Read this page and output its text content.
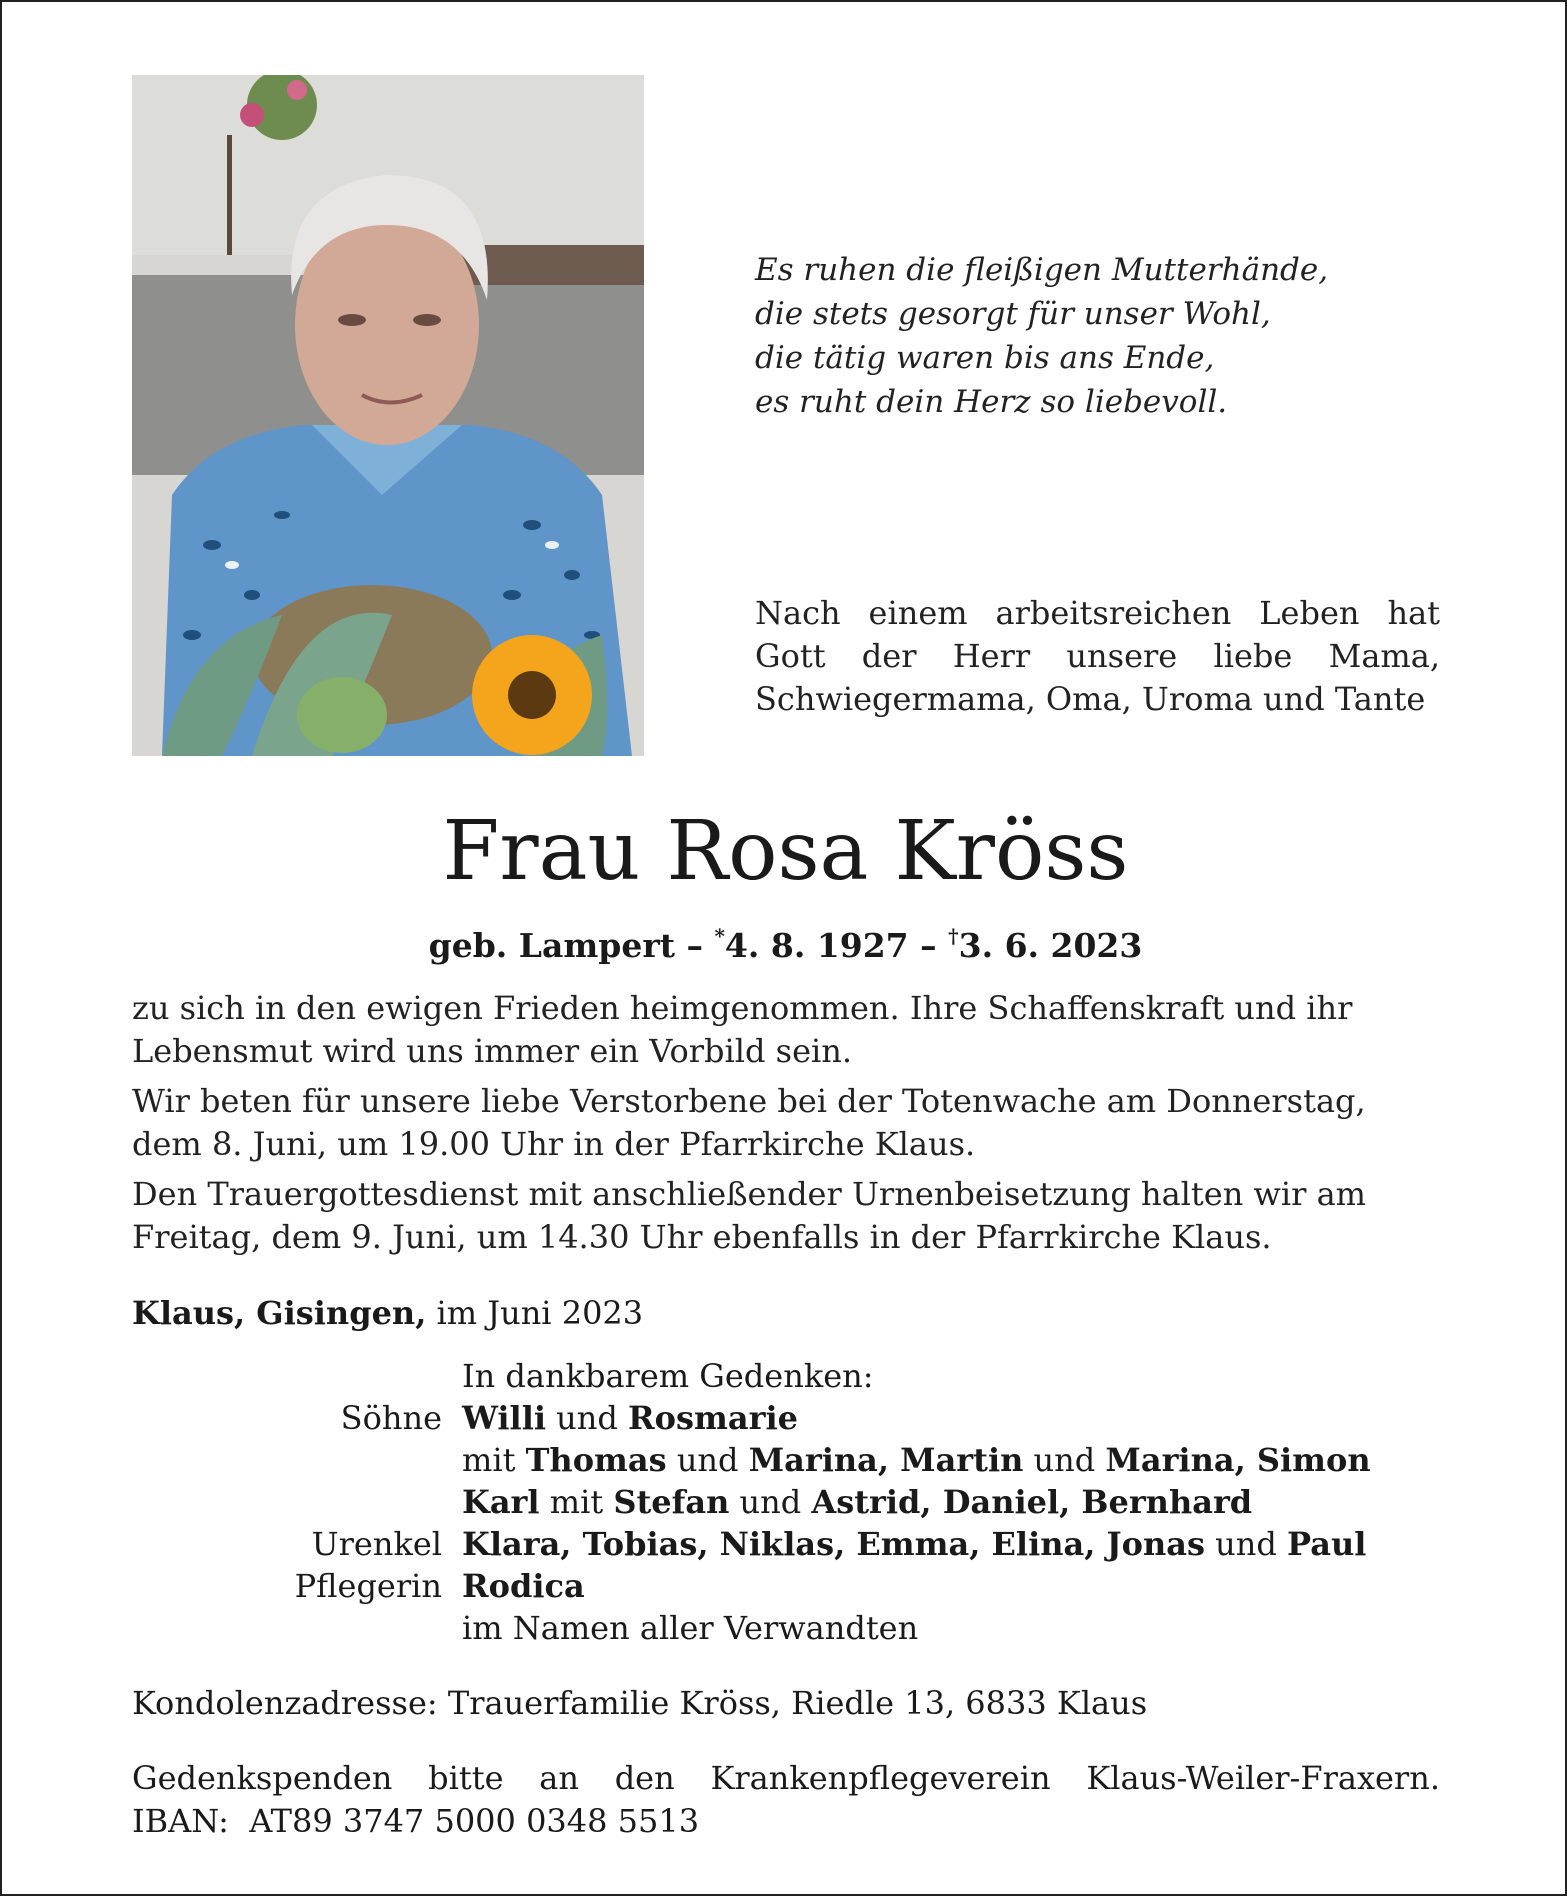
Es ruhen die fleißigen Mutterhände,
die stets gesorgt für unser Wohl,
die tätig waren bis ans Ende,
es ruht dein Herz so liebevoll.
Nach einem arbeitsreichen Leben hat Gott der Herr unsere liebe Mama, Schwiegermama, Oma, Uroma und Tante
Frau Rosa Kröss
geb. Lampert – *4. 8. 1927 – †3. 6. 2023

zu sich in den ewigen Frieden heimgenommen. Ihre Schaffenskraft und ihr Lebensmut wird uns immer ein Vorbild sein.

Wir beten für unsere liebe Verstorbene bei der Totenwache am Donnerstag, dem 8. Juni, um 19.00 Uhr in der Pfarrkirche Klaus.

Den Trauergottesdienst mit anschließender Urnenbeisetzung halten wir am Freitag, dem 9. Juni, um 14.30 Uhr ebenfalls in der Pfarrkirche Klaus.

Klaus, Gisingen, im Juni 2023
In dankbarem Gedenken:
Söhne Willi und Rosmarie
mit Thomas und Marina, Martin und Marina, Simon
Karl mit Stefan und Astrid, Daniel, Bernhard
Urenkel Klara, Tobias, Niklas, Emma, Elina, Jonas und Paul
Pflegerin Rodica
im Namen aller Verwandten
Kondolenzadresse: Trauerfamilie Kröss, Riedle 13, 6833 Klaus
Gedenkspenden bitte an den Krankenpflegeverein Klaus-Weiler-Fraxern.
IBAN:  AT89 3747 5000 0348 5513
